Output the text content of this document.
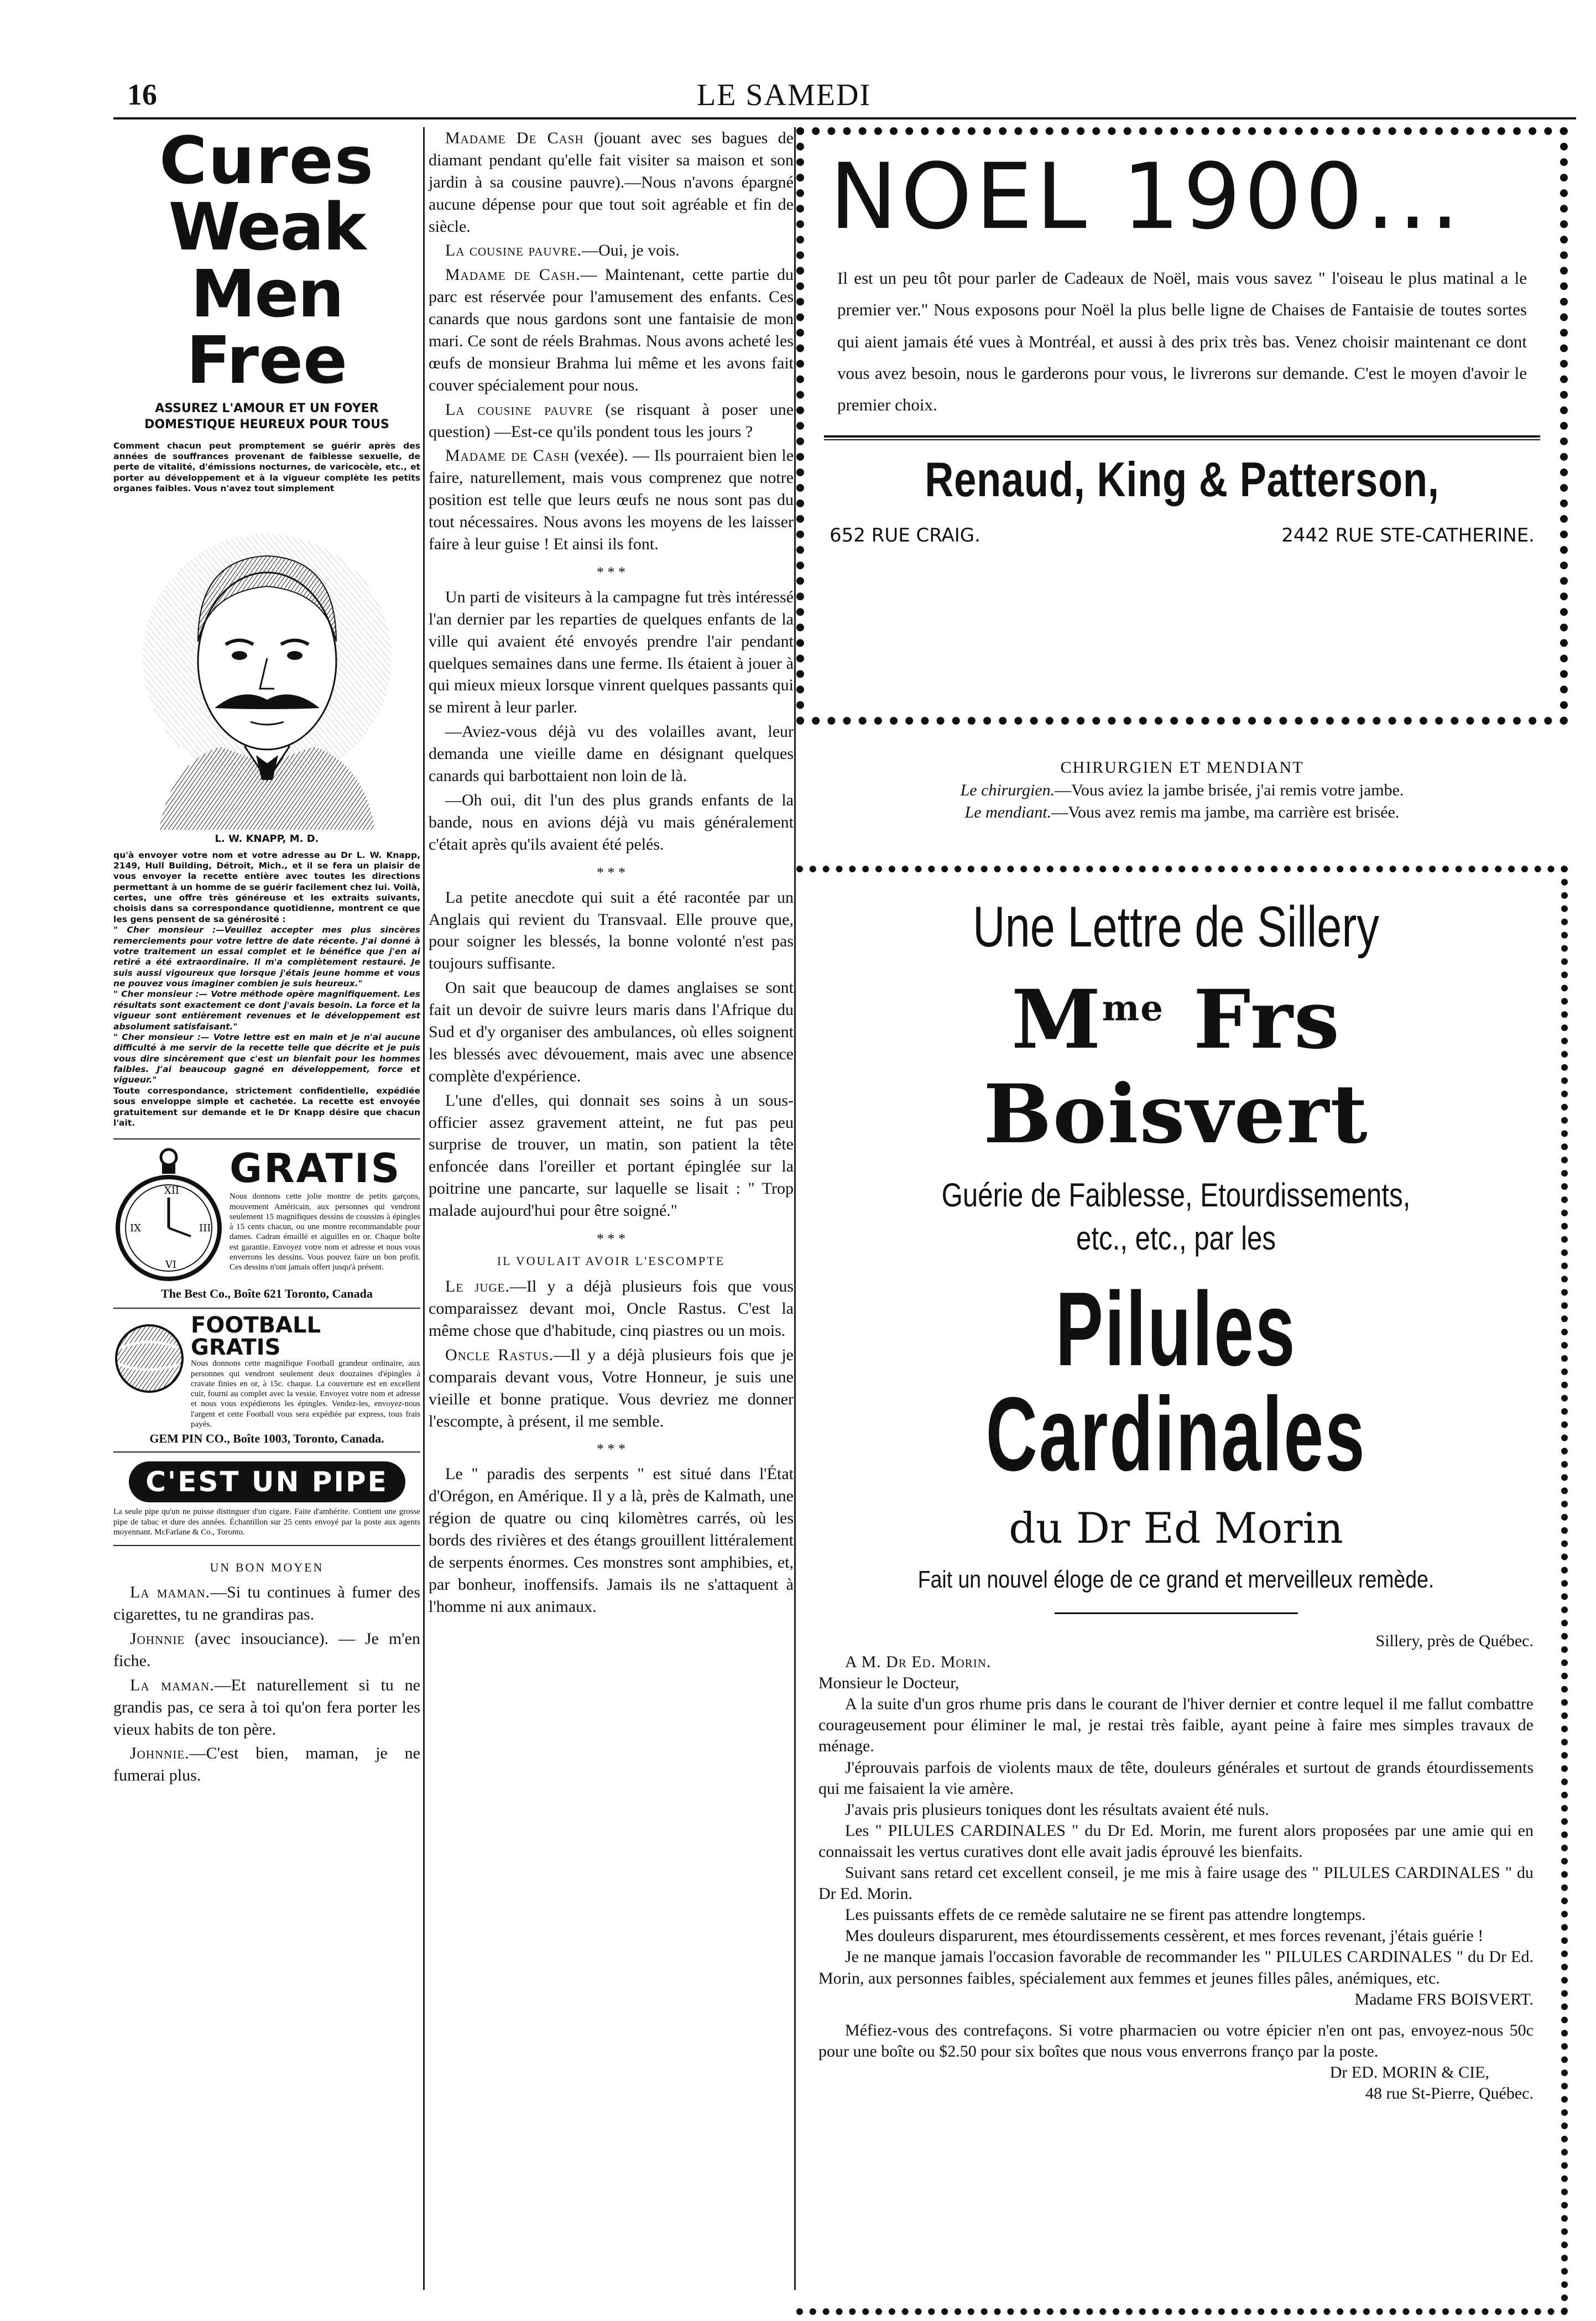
16	LE SAMEDI
Cures
Weak Men
Free
ASSUREZ L'AMOUR ET UN FOYER DOMESTIQUE HEUREUX POUR TOUS
Comment chacun peut promptement se guérir après des années de souffrances provenant de faiblesse sexuelle, de perte de vitalité, d'émissions nocturnes, de varicocèle, etc., et porter au développement et à la vigueur complète les petits organes faibles. Vous n'avez tout simplement
L. W. KNAPP, M. D.
qu'à envoyer votre nom et votre adresse au Dr L. W. Knapp, 2149, Hull Building, Détroit, Mich., et il se fera un plaisir de vous envoyer la recette entière avec toutes les directions permettant à un homme de se guérir facilement chez lui. Voilà, certes, une offre très généreuse et les extraits suivants, choisis dans sa correspondance quotidienne, montrent ce que les gens pensent de sa générosité :
" Cher monsieur :—Veuillez accepter mes plus sincères remerciements pour votre lettre de date récente. J'ai donné à votre traitement un essai complet et le bénéfice que j'en ai retiré a été extraordinaire. Il m'a complètement restauré. Je suis aussi vigoureux que lorsque j'étais jeune homme et vous ne pouvez vous imaginer combien je suis heureux."
" Cher monsieur :— Votre méthode opère magnifiquement. Les résultats sont exactement ce dont j'avais besoin. La force et la vigueur sont entièrement revenues et le développement est absolument satisfaisant."
" Cher monsieur :— Votre lettre est en main et je n'ai aucune difficulté à me servir de la recette telle que décrite et je puis vous dire sincèrement que c'est un bienfait pour les hommes faibles. J'ai beaucoup gagné en développement, force et vigueur."
Toute correspondance, strictement confidentielle, expédiée sous enveloppe simple et cachetée. La recette est envoyée gratuitement sur demande et le Dr Knapp désire que chacun l'ait.
XII
III
VI
IX
GRATIS
Nous donnons cette jolie montre de petits garçons, mouvement Américain, aux personnes qui vendront seulement 15 magnifiques dessins de coussins à épingles à 15 cents chacun, ou une montre recommandable pour dames. Cadran émaillé et aiguilles en or. Chaque boîte est garantie. Envoyez votre nom et adresse et nous vous enverrons les dessins. Vous pouvez faire un bon profit. Ces dessins n'ont jamais offert jusqu'à présent.
The Best Co., Boîte 621 Toronto, Canada
FOOTBALL
GRATIS
Nous donnons cette magnifique Football grandeur ordinaire, aux personnes qui vendront seulement deux douzaines d'épingles à cravate finies en or, à 15c. chaque. La couverture est en excellent cuir, fourni au complet avec la vessie. Envoyez votre nom et adresse et nous vous expédierons les épingles. Vendez-les, envoyez-nous l'argent et cette Football vous sera expédiée par express, tous frais payés.
GEM PIN CO., Boîte 1003, Toronto, Canada.
C'EST UN PIPE
La seule pipe qu'un ne puisse distinguer d'un cigare. Faite d'ambérite. Contient une grosse pipe de tabac et dure des années. Échantillon sur 25 cents envoyé par la poste aux agents moyennant. McFarlane & Co., Toronto.
UN BON MOYEN

La maman.—Si tu continues à fumer des cigarettes, tu ne grandiras pas.

Johnnie (avec insouciance). — Je m'en fiche.

La maman.—Et naturellement si tu ne grandis pas, ce sera à toi qu'on fera porter les vieux habits de ton père.

Johnnie.—C'est bien, maman, je ne fumerai plus.

Madame De Cash (jouant avec ses bagues de diamant pendant qu'elle fait visiter sa maison et son jardin à sa cousine pauvre).—Nous n'avons épargné aucune dépense pour que tout soit agréable et fin de siècle.

La cousine pauvre.—Oui, je vois.

Madame de Cash.— Maintenant, cette partie du parc est réservée pour l'amusement des enfants. Ces canards que nous gardons sont une fantaisie de mon mari. Ce sont de réels Brahmas. Nous avons acheté les œufs de monsieur Brahma lui même et les avons fait couver spécialement pour nous.

La cousine pauvre (se risquant à poser une question) —Est-ce qu'ils pondent tous les jours ?

Madame de Cash (vexée). — Ils pourraient bien le faire, naturellement, mais vous comprenez que notre position est telle que leurs œufs ne nous sont pas du tout nécessaires. Nous avons les moyens de les laisser faire à leur guise ! Et ainsi ils font.

* * *

Un parti de visiteurs à la campagne fut très intéressé l'an dernier par les reparties de quelques enfants de la ville qui avaient été envoyés prendre l'air pendant quelques semaines dans une ferme. Ils étaient à jouer à qui mieux mieux lorsque vinrent quelques passants qui se mirent à leur parler.

—Aviez-vous déjà vu des volailles avant, leur demanda une vieille dame en désignant quelques canards qui barbottaient non loin de là.

—Oh oui, dit l'un des plus grands enfants de la bande, nous en avions déjà vu mais généralement c'était après qu'ils avaient été pelés.

* * *

La petite anecdote qui suit a été racontée par un Anglais qui revient du Transvaal. Elle prouve que, pour soigner les blessés, la bonne volonté n'est pas toujours suffisante.

On sait que beaucoup de dames anglaises se sont fait un devoir de suivre leurs maris dans l'Afrique du Sud et d'y organiser des ambulances, où elles soignent les blessés avec dévouement, mais avec une absence complète d'expérience.

L'une d'elles, qui donnait ses soins à un sous-officier assez gravement atteint, ne fut pas peu surprise de trouver, un matin, son patient la tête enfoncée dans l'oreiller et portant épinglée sur la poitrine une pancarte, sur laquelle se lisait : " Trop malade aujourd'hui pour être soigné."

* * *
IL VOULAIT AVOIR L'ESCOMPTE

Le juge.—Il y a déjà plusieurs fois que vous comparaissez devant moi, Oncle Rastus. C'est la même chose que d'habitude, cinq piastres ou un mois.

Oncle Rastus.—Il y a déjà plusieurs fois que je comparais devant vous, Votre Honneur, je suis une vieille et bonne pratique. Vous devriez me donner l'escompte, à présent, il me semble.

* * *

Le " paradis des serpents " est situé dans l'État d'Orégon, en Amérique. Il y a là, près de Kalmath, une région de quatre ou cinq kilomètres carrés, où les bords des rivières et des étangs grouillent littéralement de serpents énormes. Ces monstres sont amphibies, et, par bonheur, inoffensifs. Jamais ils ne s'attaquent à l'homme ni aux animaux.

NOEL 1900...
Il est un peu tôt pour parler de Cadeaux de Noël, mais vous savez " l'oiseau le plus matinal a le premier ver." Nous exposons pour Noël la plus belle ligne de Chaises de Fantaisie de toutes sortes qui aient jamais été vues à Montréal, et aussi à des prix très bas. Venez choisir maintenant ce dont vous avez besoin, nous le garderons pour vous, le livrerons sur demande. C'est le moyen d'avoir le premier choix.
Renaud, King & Patterson,
652 RUE CRAIG.	2442 RUE STE-CATHERINE.
CHIRURGIEN ET MENDIANT
Le chirurgien.—Vous aviez la jambe brisée, j'ai remis votre jambe.
Le mendiant.—Vous avez remis ma jambe, ma carrière est brisée.
Une Lettre de Sillery
$M^{me}$ Frs Boisvert
Guérie de Faiblesse, Etourdissements,
etc., etc., par les
Pilules Cardinales
du Dr Ed Morin
Fait un nouvel éloge de ce grand et merveilleux remède.

Sillery, près de Québec.

A M. Dr Ed. Morin.

Monsieur le Docteur,

A la suite d'un gros rhume pris dans le courant de l'hiver dernier et contre lequel il me fallut combattre courageusement pour éliminer le mal, je restai très faible, ayant peine à faire mes simples travaux de ménage.

J'éprouvais parfois de violents maux de tête, douleurs générales et surtout de grands étourdissements qui me faisaient la vie amère.

J'avais pris plusieurs toniques dont les résultats avaient été nuls.

Les " PILULES CARDINALES " du Dr Ed. Morin, me furent alors proposées par une amie qui en connaissait les vertus curatives dont elle avait jadis éprouvé les bienfaits.

Suivant sans retard cet excellent conseil, je me mis à faire usage des " PILULES CARDINALES " du Dr Ed. Morin.

Les puissants effets de ce remède salutaire ne se firent pas attendre longtemps.

Mes douleurs disparurent, mes étourdissements cessèrent, et mes forces revenant, j'étais guérie !

Je ne manque jamais l'occasion favorable de recommander les " PILULES CARDINALES " du Dr Ed. Morin, aux personnes faibles, spécialement aux femmes et jeunes filles pâles, anémiques, etc.

Madame FRS BOISVERT.

Méfiez-vous des contrefaçons. Si votre pharmacien ou votre épicier n'en ont pas, envoyez-nous 50c pour une boîte ou $2.50 pour six boîtes que nous vous enverrons franço par la poste.

Dr ED. MORIN & CIE,

48 rue St-Pierre, Québec.
